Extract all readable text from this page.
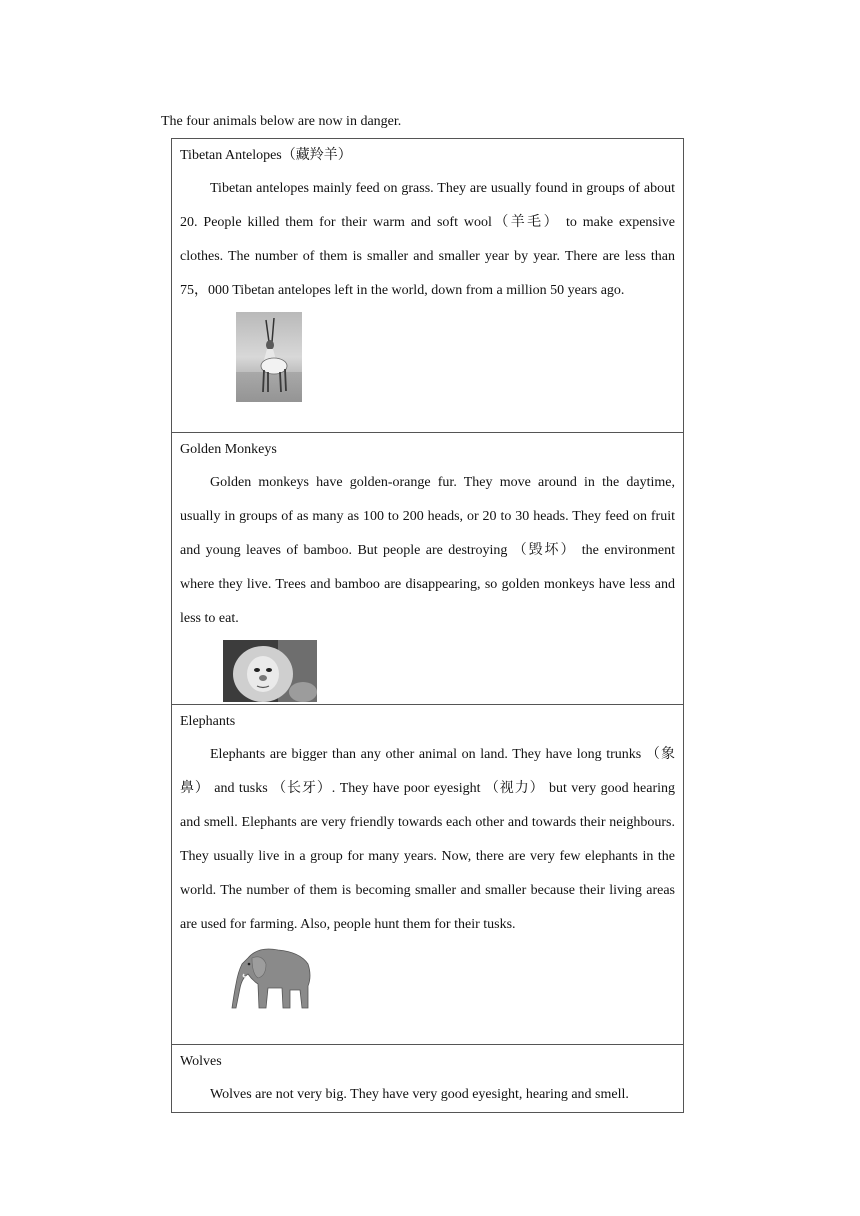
The four animals below are now in danger.

Tibetan Antelopes（藏羚羊）

Tibetan antelopes mainly feed on grass. They are usually found in groups of about 20. People killed them for their warm and soft wool（羊毛） to make expensive clothes. The number of them is smaller and smaller year by year. There are less than 75，000 Tibetan antelopes left in the world, down from a million 50 years ago.

Golden Monkeys

Golden monkeys have golden-orange fur. They move around in the daytime, usually in groups of as many as 100 to 200 heads, or 20 to 30 heads. They feed on fruit and young leaves of bamboo. But people are destroying （毁坏） the environment where they live. Trees and bamboo are disappearing, so golden monkeys have less and less to eat.

Elephants

Elephants are bigger than any other animal on land. They have long trunks （象鼻） and tusks （长牙）. They have poor eyesight （视力） but very good hearing and smell. Elephants are very friendly towards each other and towards their neighbours. They usually live in a group for many years. Now, there are very few elephants in the world. The number of them is becoming smaller and smaller because their living areas are used for farming. Also, people hunt them for their tusks.

Wolves

Wolves are not very big. They have very good eyesight, hearing and smell.
